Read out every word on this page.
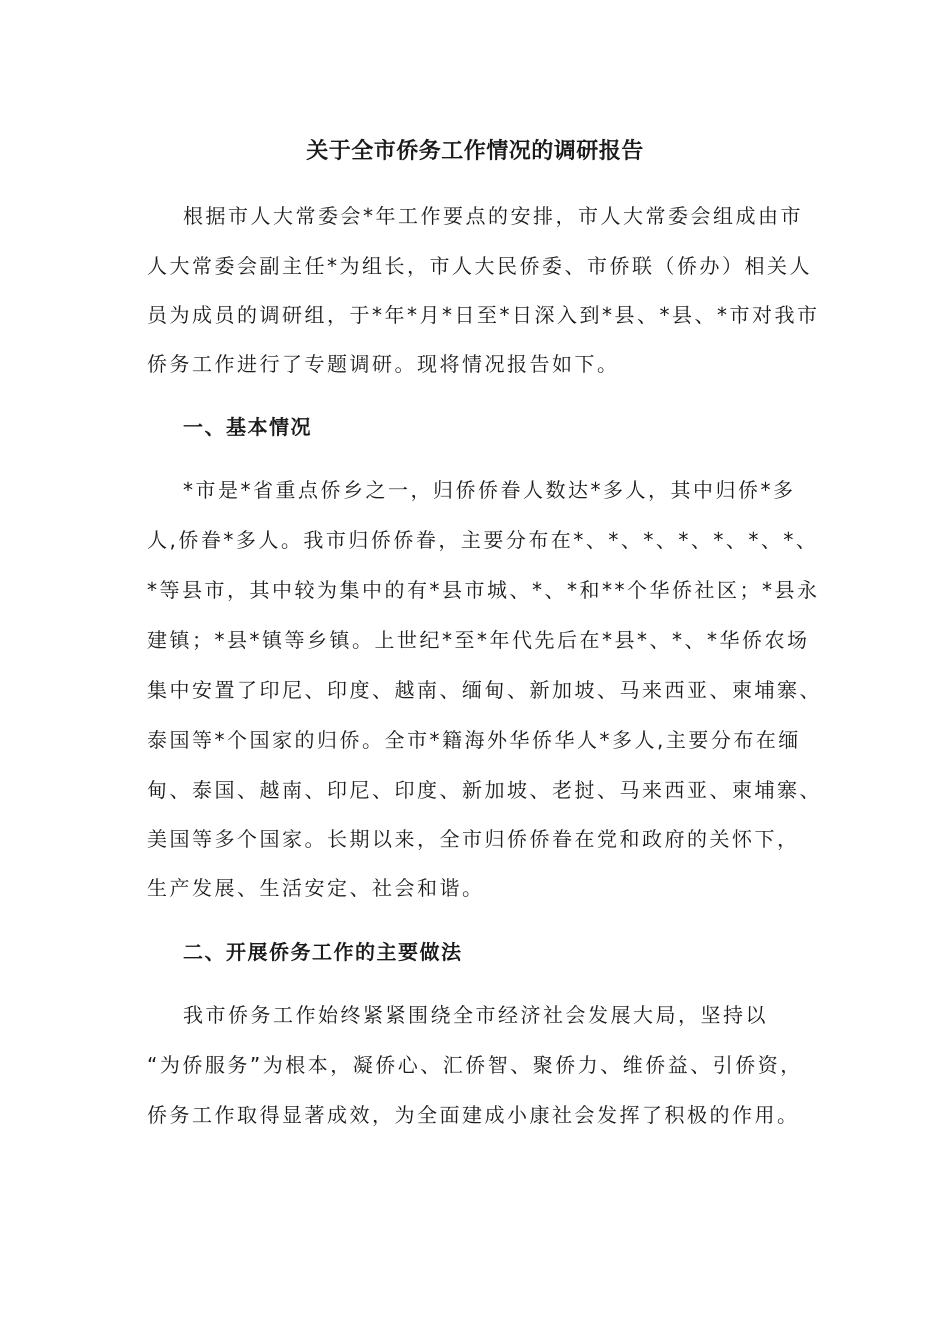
关于全市侨务工作情况的调研报告

根据市人大常委会*年工作要点的安排，市人大常委会组成由市

人大常委会副主任*为组长，市人大民侨委、市侨联（侨办）相关人

员为成员的调研组，于*年*月*日至*日深入到*县、*县、*市对我市

侨务工作进行了专题调研。现将情况报告如下。

一、基本情况

*市是*省重点侨乡之一，归侨侨眷人数达*多人，其中归侨*多

人,侨眷*多人。我市归侨侨眷，主要分布在*、*、*、*、*、*、*、

*等县市，其中较为集中的有*县市城、*、*和**个华侨社区；*县永

建镇；*县*镇等乡镇。上世纪*至*年代先后在*县*、*、*华侨农场

集中安置了印尼、印度、越南、缅甸、新加坡、马来西亚、柬埔寨、

泰国等*个国家的归侨。全市*籍海外华侨华人*多人,主要分布在缅

甸、泰国、越南、印尼、印度、新加坡、老挝、马来西亚、柬埔寨、

美国等多个国家。长期以来，全市归侨侨眷在党和政府的关怀下，

生产发展、生活安定、社会和谐。

二、开展侨务工作的主要做法

我市侨务工作始终紧紧围绕全市经济社会发展大局，坚持以

“为侨服务”为根本，凝侨心、汇侨智、聚侨力、维侨益、引侨资，

侨务工作取得显著成效，为全面建成小康社会发挥了积极的作用。
